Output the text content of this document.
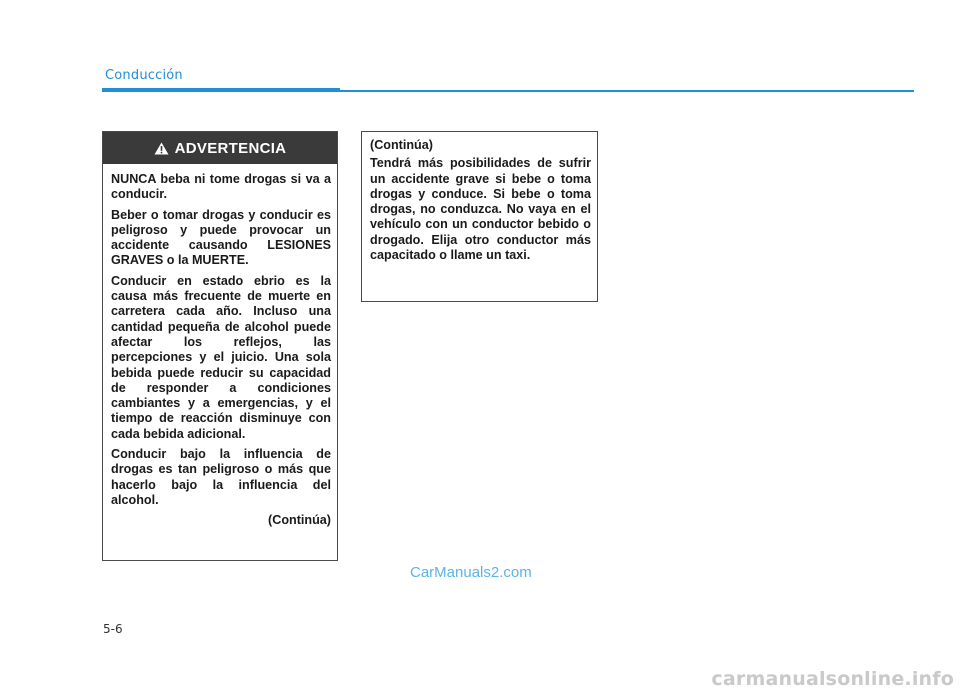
Conducción
ADVERTENCIA

NUNCA beba ni tome drogas si va a conducir.

Beber o tomar drogas y conducir es peligroso y puede provocar un accidente causando LESIONES GRAVES o la MUERTE.

Conducir en estado ebrio es la causa más frecuente de muerte en carretera cada año. Incluso una cantidad pequeña de alcohol puede afectar los reflejos, las percepciones y el juicio. Una sola bebida puede reducir su capacidad de responder a condiciones cambiantes y a emergencias, y el tiempo de reacción disminuye con cada bebida adicional.

Conducir bajo la influencia de drogas es tan peligroso o más que hacerlo bajo la influencia del alcohol.

(Continúa)

(Continúa)

Tendrá más posibilidades de sufrir un accidente grave si bebe o toma drogas y conduce. Si bebe o toma drogas, no conduzca. No vaya en el vehículo con un conductor bebido o drogado. Elija otro conductor más capacitado o llame un taxi.

CarManuals2.com
5-6
carmanualsonline.info
